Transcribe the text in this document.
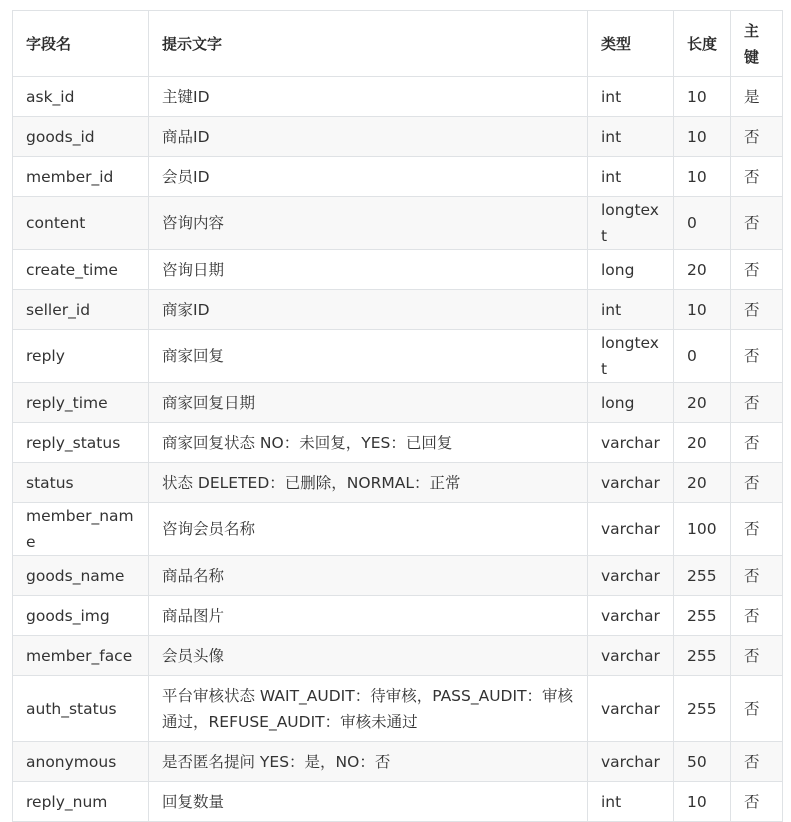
字段名	提示文字	类型	长度	主键
ask_id	主键ID	int	10	是
goods_id	商品ID	int	10	否
member_id	会员ID	int	10	否
content	咨询内容	longtext	0	否
create_time	咨询日期	long	20	否
seller_id	商家ID	int	10	否
reply	商家回复	longtext	0	否
reply_time	商家回复日期	long	20	否
reply_status	商家回复状态 NO：未回复，YES：已回复	varchar	20	否
status	状态 DELETED：已删除，NORMAL：正常	varchar	20	否
member_name	咨询会员名称	varchar	100	否
goods_name	商品名称	varchar	255	否
goods_img	商品图片	varchar	255	否
member_face	会员头像	varchar	255	否
auth_status	平台审核状态 WAIT_AUDIT：待审核，PASS_AUDIT：审核通过，REFUSE_AUDIT：审核未通过	varchar	255	否
anonymous	是否匿名提问 YES：是，NO：否	varchar	50	否
reply_num	回复数量	int	10	否
